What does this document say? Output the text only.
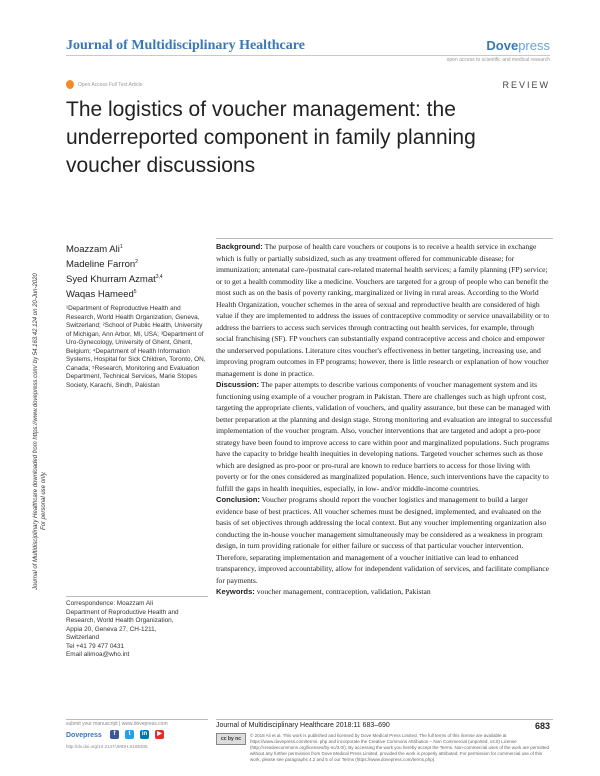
Journal of Multidisciplinary Healthcare	Dovepress
open access to scientific and medical research
Open Access Full Text Article	REVIEW
The logistics of voucher management: the underreported component in family planning voucher discussions
Journal of Multidisciplinary Healthcare downloaded from https://www.dovepress.com/ by 54.163.42.124 on 20-Jun-2020 For personal use only.
Moazzam Ali$^1$
Madeline Farron$^2$
Syed Khurram Azmat$^{3,4}$
Waqas Hameed$^5$
¹Department of Reproductive Health and Research, World Health Organization, Geneva, Switzerland; ²School of Public Health, University of Michigan, Ann Arbor, MI, USA; ³Department of Uro-Gynecology, University of Ghent, Ghent, Belgium; ⁴Department of Health Information Systems, Hospital for Sick Children, Toronto, ON, Canada; ⁵Research, Monitoring and Evaluation Department, Technical Services, Marie Stopes Society, Karachi, Sindh, Pakistan
Correspondence: Moazzam Ali
Department of Reproductive Health and
Research, World Health Organization,
Appia 20, Geneva 27, CH-1211,
Switzerland
Tel +41 79 477 0431
Email alimoa@who.int

Background: The purpose of health care vouchers or coupons is to receive a health service in exchange which is fully or partially subsidized, such as any treatment offered for communicable disease; for immunization; antenatal care-/postnatal care-related maternal health services; a family planning (FP) service; or to get a health commodity like a medicine. Vouchers are targeted for a group of people who can benefit the most such as on the basis of poverty ranking, marginalized or living in rural areas. According to the World Health Organization, voucher schemes in the area of sexual and reproductive health are considered of high value if they are implemented to address the issues of contraceptive commodity or service unavailability or to address the barriers to access such services through contracting out health services, for example, through social franchising (SF). FP vouchers can substantially expand contraceptive access and choice and empower the underserved populations. Literature cites voucher's effectiveness in better targeting, increasing use, and improving program outcomes in FP programs; however, there is little research or explanation of how voucher management is done in practice.

Discussion: The paper attempts to describe various components of voucher management system and its functioning using example of a voucher program in Pakistan. There are challenges such as high upfront cost, targeting the appropriate clients, validation of vouchers, and quality assurance, but these can be managed with better preparation at the planning and design stage. Strong monitoring and evaluation are integral to successful implementation of the voucher program. Also, voucher interventions that are targeted and adopt a pro-poor strategy have been found to improve access to care within poor and marginalized populations. Such programs have the capacity to bridge health inequities in developing nations. Targeted voucher schemes such as those which are designed as pro-poor or pro-rural are known to reduce barriers to access for those living with poverty or for the ones considered as marginalized population. Hence, such interventions have the capacity to fulfill the gaps in health inequities, especially, in low- and/or middle-income countries.

Conclusion: Voucher programs should report the voucher logistics and management to build a larger evidence base of best practices. All voucher schemes must be designed, implemented, and evaluated on the basis of set objectives through addressing the local context. But any voucher implementing organization also conducting the in-house voucher management simultaneously may be considered as a weakness in program design, in turn providing rationale for either failure or success of that particular voucher intervention. Therefore, separating implementation and management of a voucher initiative can lead to enhanced transparency, improved accountability, allow for independent validation of services, and facilitate compliance for payments.

Keywords: voucher management, contraception, validation, Pakistan

submit your manuscript | www.dovepress.com
Dovepress	f	t	in	▶
http://dx.doi.org/10.2147/JMDH.S185305
Journal of Multidisciplinary Healthcare 2018:11 683–690	683
cc by nc
© 2018 Ali et al. This work is published and licensed by Dove Medical Press Limited. The full terms of this license are available at https://www.dovepress.com/terms. php and incorporate the Creative Commons Attribution – Non Commercial (unported, v3.0) License (http://creativecommons.org/licenses/by-nc/3.0/). By accessing the work you hereby accept the Terms. Non-commercial uses of the work are permitted without any further permission from Dove Medical Press Limited, provided the work is properly attributed. For permission for commercial use of this work, please see paragraphs 4.2 and 5 of our Terms (https://www.dovepress.com/terms.php).
